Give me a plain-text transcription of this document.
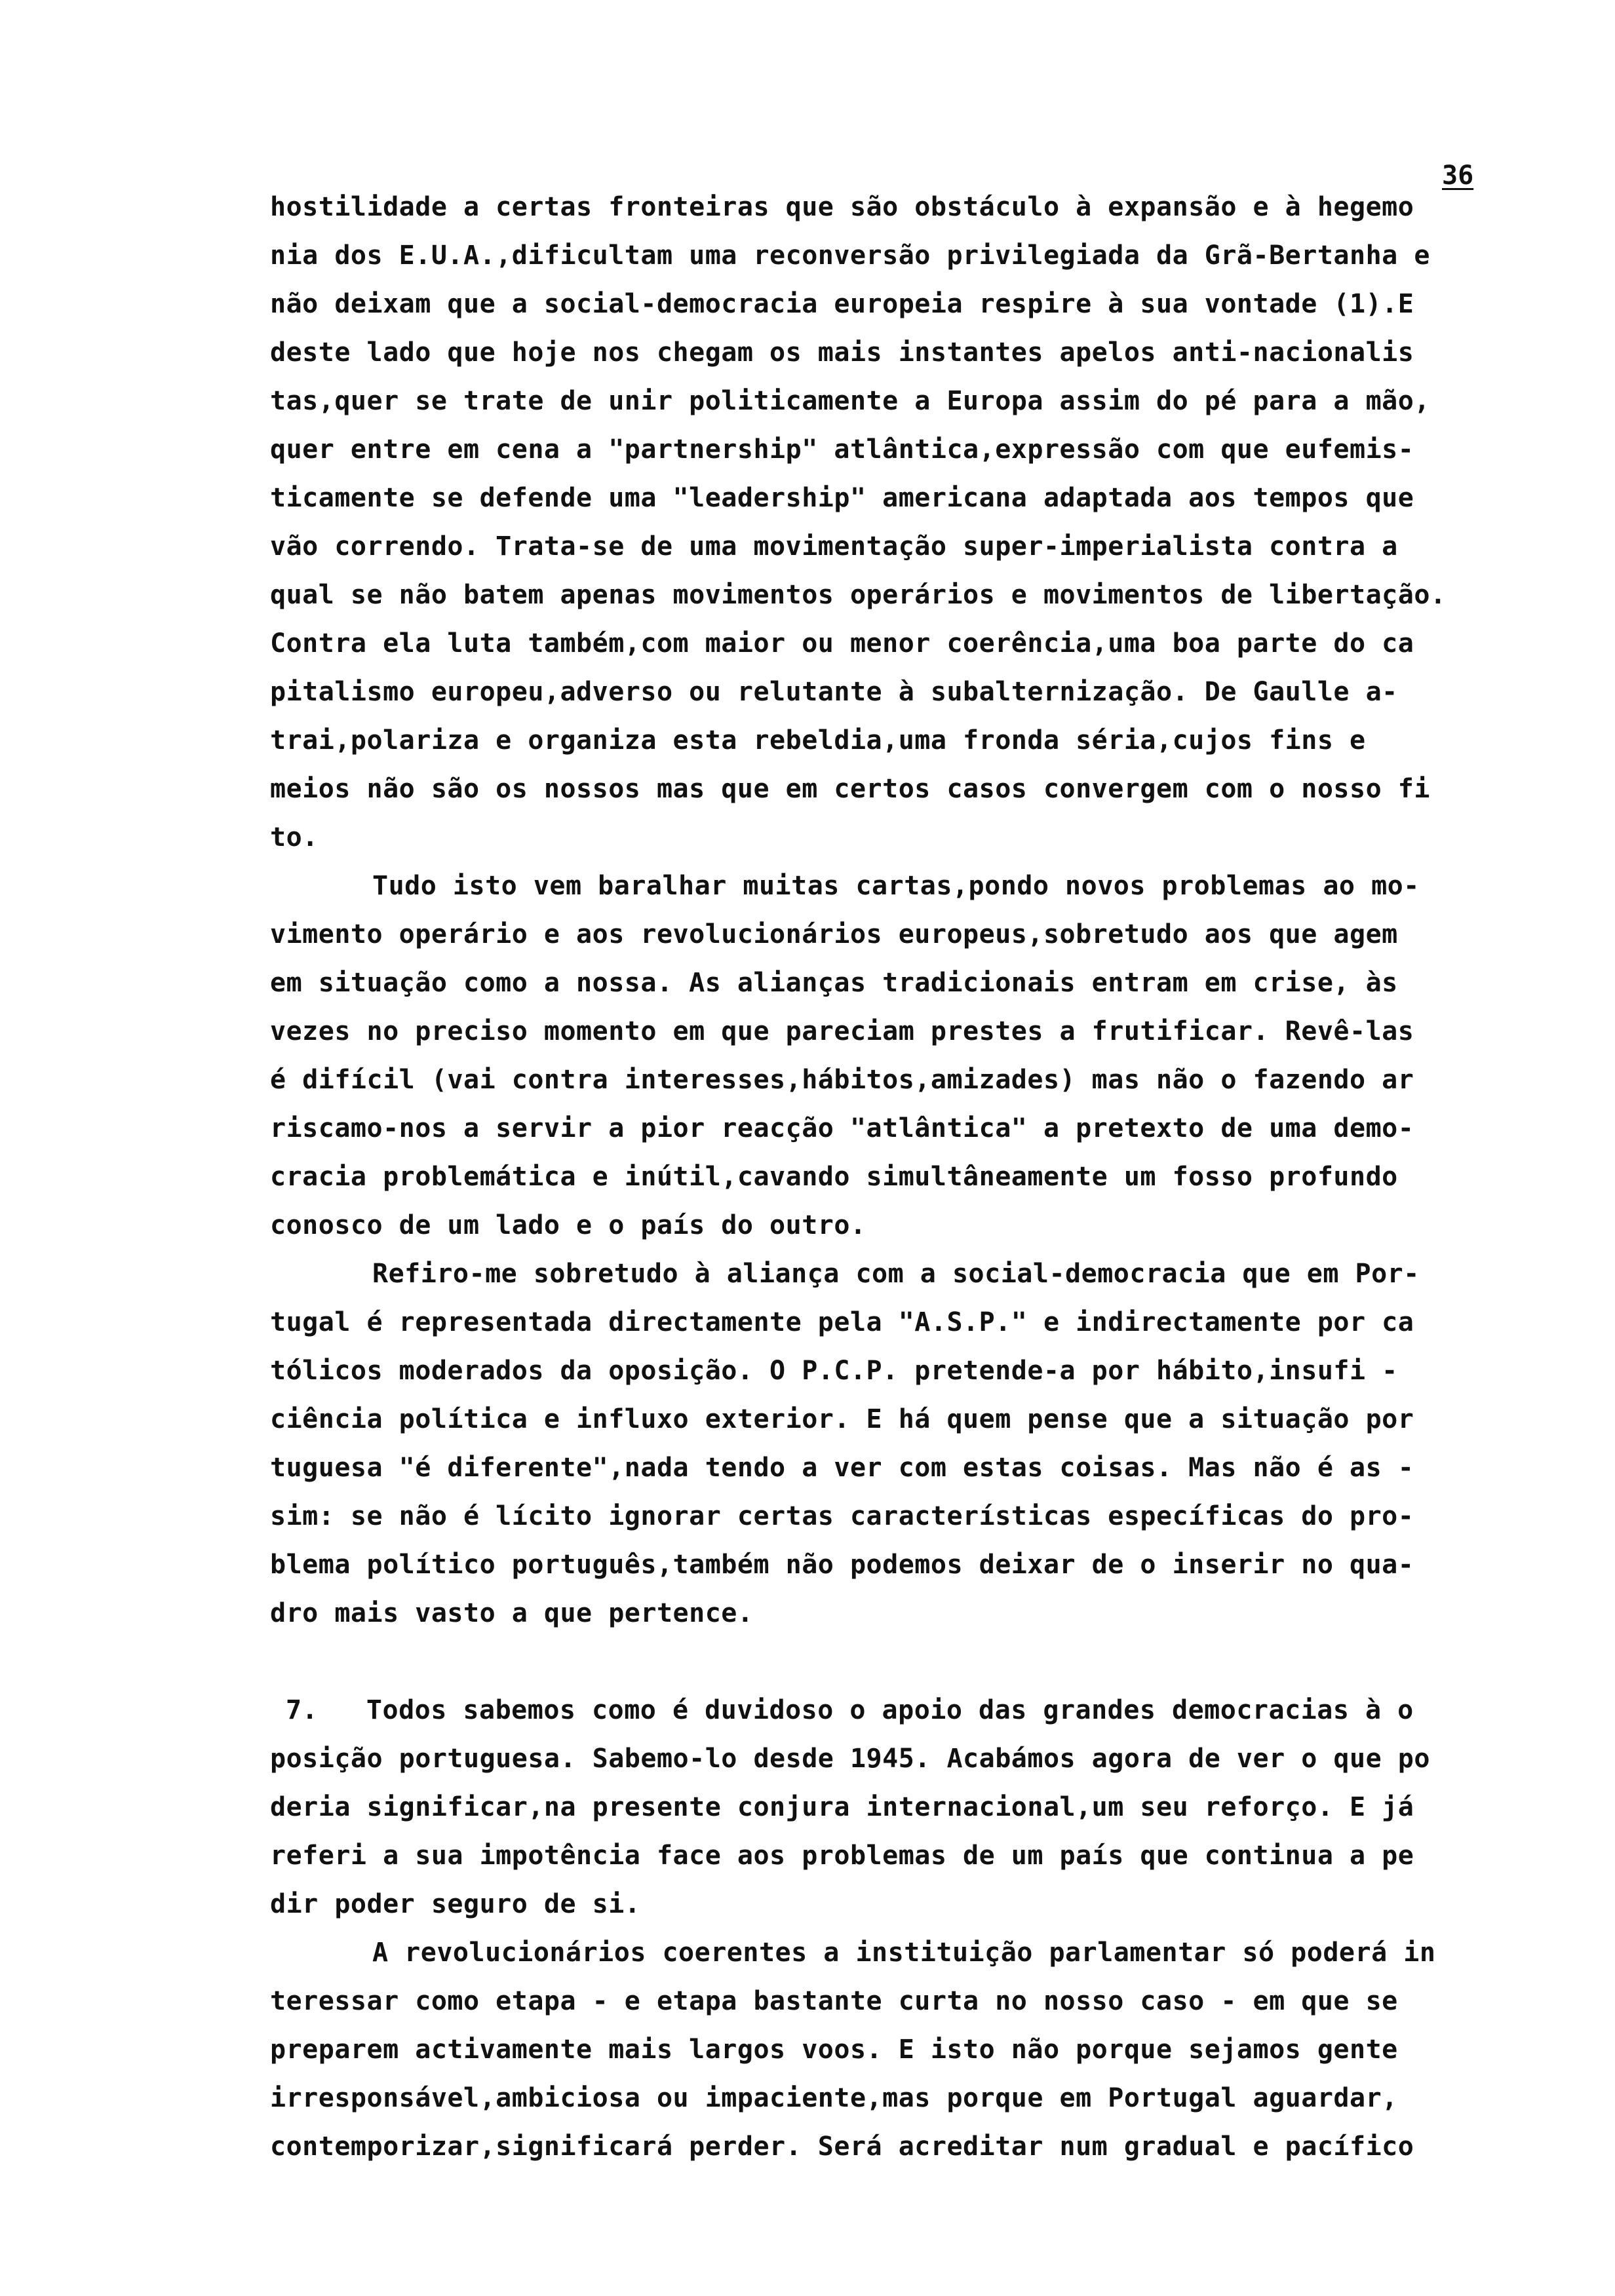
36
hostilidade a certas fronteiras que são obstáculo à expansão e à hegemo
nia dos E.U.A.,dificultam uma reconversão privilegiada da Grã-Bertanha e
não deixam que a social-democracia europeia respire à sua vontade (1).E
deste lado que hoje nos chegam os mais instantes apelos anti-nacionalis
tas,quer se trate de unir politicamente a Europa assim do pé para a mão,
quer entre em cena a "partnership" atlântica,expressão com que eufemis-
ticamente se defende uma "leadership" americana adaptada aos tempos que
vão correndo. Trata-se de uma movimentação super-imperialista contra a
qual se não batem apenas movimentos operários e movimentos de libertação.
Contra ela luta também,com maior ou menor coerência,uma boa parte do ca
pitalismo europeu,adverso ou relutante à subalternização. De Gaulle a-
trai,polariza e organiza esta rebeldia,uma fronda séria,cujos fins e
meios não são os nossos mas que em certos casos convergem com o nosso fi
to.
Tudo isto vem baralhar muitas cartas,pondo novos problemas ao mo-
vimento operário e aos revolucionários europeus,sobretudo aos que agem
em situação como a nossa. As alianças tradicionais entram em crise, às
vezes no preciso momento em que pareciam prestes a frutificar. Revê-las
é difícil (vai contra interesses,hábitos,amizades) mas não o fazendo ar
riscamo-nos a servir a pior reacção "atlântica" a pretexto de uma demo-
cracia problemática e inútil,cavando simultâneamente um fosso profundo
conosco de um lado e o país do outro.
Refiro-me sobretudo à aliança com a social-democracia que em Por-
tugal é representada directamente pela "A.S.P." e indirectamente por ca
tólicos moderados da oposição. O P.C.P. pretende-a por hábito,insufi -
ciência política e influxo exterior. E há quem pense que a situação por
tuguesa "é diferente",nada tendo a ver com estas coisas. Mas não é as -
sim: se não é lícito ignorar certas características específicas do pro-
blema político português,também não podemos deixar de o inserir no qua-
dro mais vasto a que pertence.
7.   Todos sabemos como é duvidoso o apoio das grandes democracias à o
posição portuguesa. Sabemo-lo desde 1945. Acabámos agora de ver o que po
deria significar,na presente conjura internacional,um seu reforço. E já
referi a sua impotência face aos problemas de um país que continua a pe
dir poder seguro de si.
A revolucionários coerentes a instituição parlamentar só poderá in
teressar como etapa - e etapa bastante curta no nosso caso - em que se
preparem activamente mais largos voos. E isto não porque sejamos gente
irresponsável,ambiciosa ou impaciente,mas porque em Portugal aguardar,
contemporizar,significará perder. Será acreditar num gradual e pacífico
